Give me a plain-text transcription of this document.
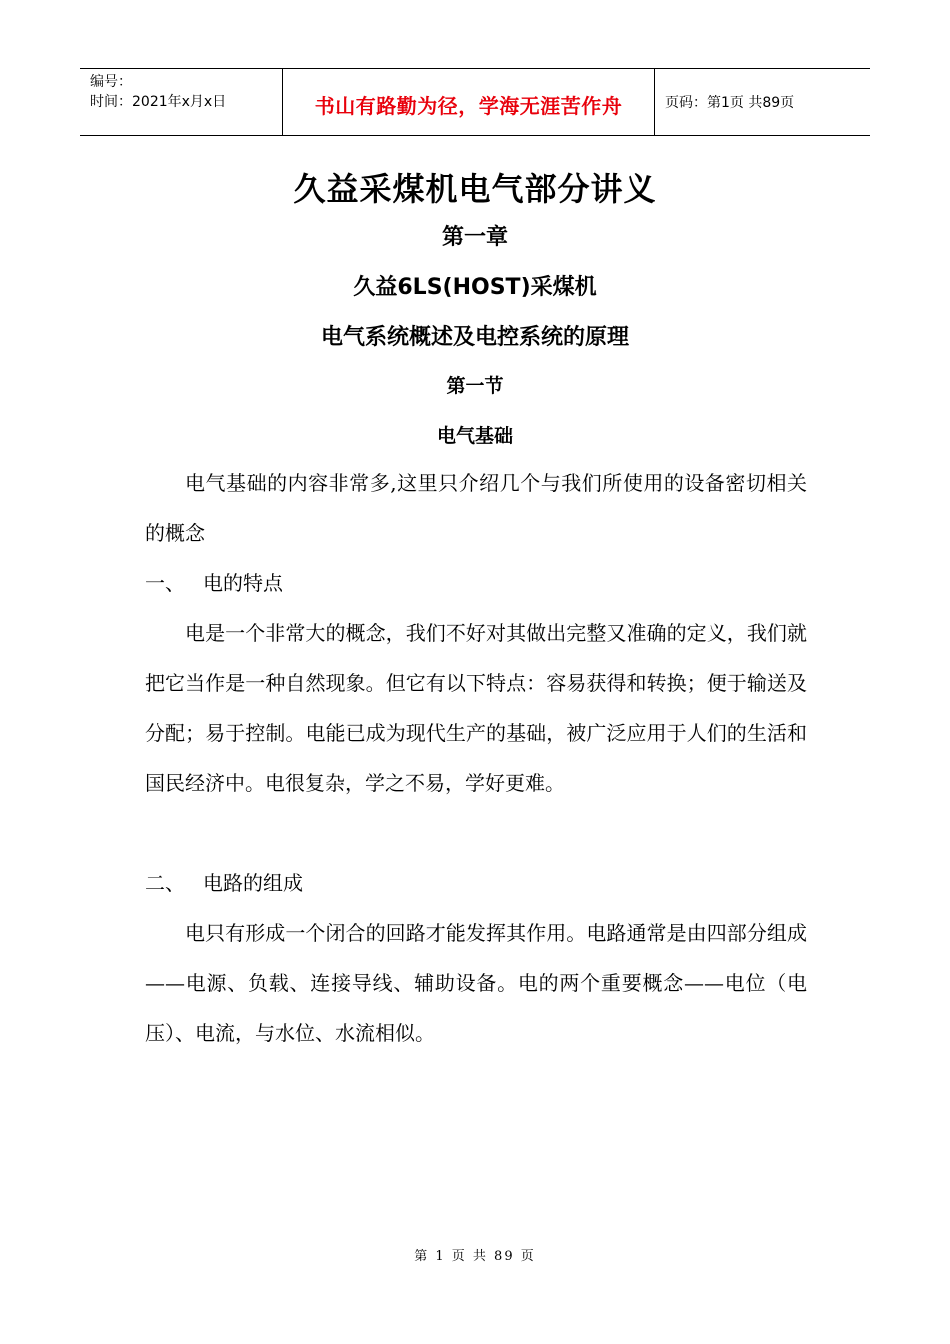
编号：
时间：2021年x月x日	书山有路勤为径，学海无涯苦作舟	页码：第1页 共89页
久益采煤机电气部分讲义
第一章
久益6LS(HOST)采煤机
电气系统概述及电控系统的原理
第一节
电气基础

电气基础的内容非常多,这里只介绍几个与我们所使用的设备密切相关的概念

一、 电的特点

电是一个非常大的概念，我们不好对其做出完整又准确的定义，我们就把它当作是一种自然现象。但它有以下特点：容易获得和转换；便于输送及分配；易于控制。电能已成为现代生产的基础，被广泛应用于人们的生活和国民经济中。电很复杂，学之不易，学好更难。

二、 电路的组成

电只有形成一个闭合的回路才能发挥其作用。电路通常是由四部分组成——电源、负载、连接导线、辅助设备。电的两个重要概念——电位（电压）、电流，与水位、水流相似。

第 1 页 共 89 页
